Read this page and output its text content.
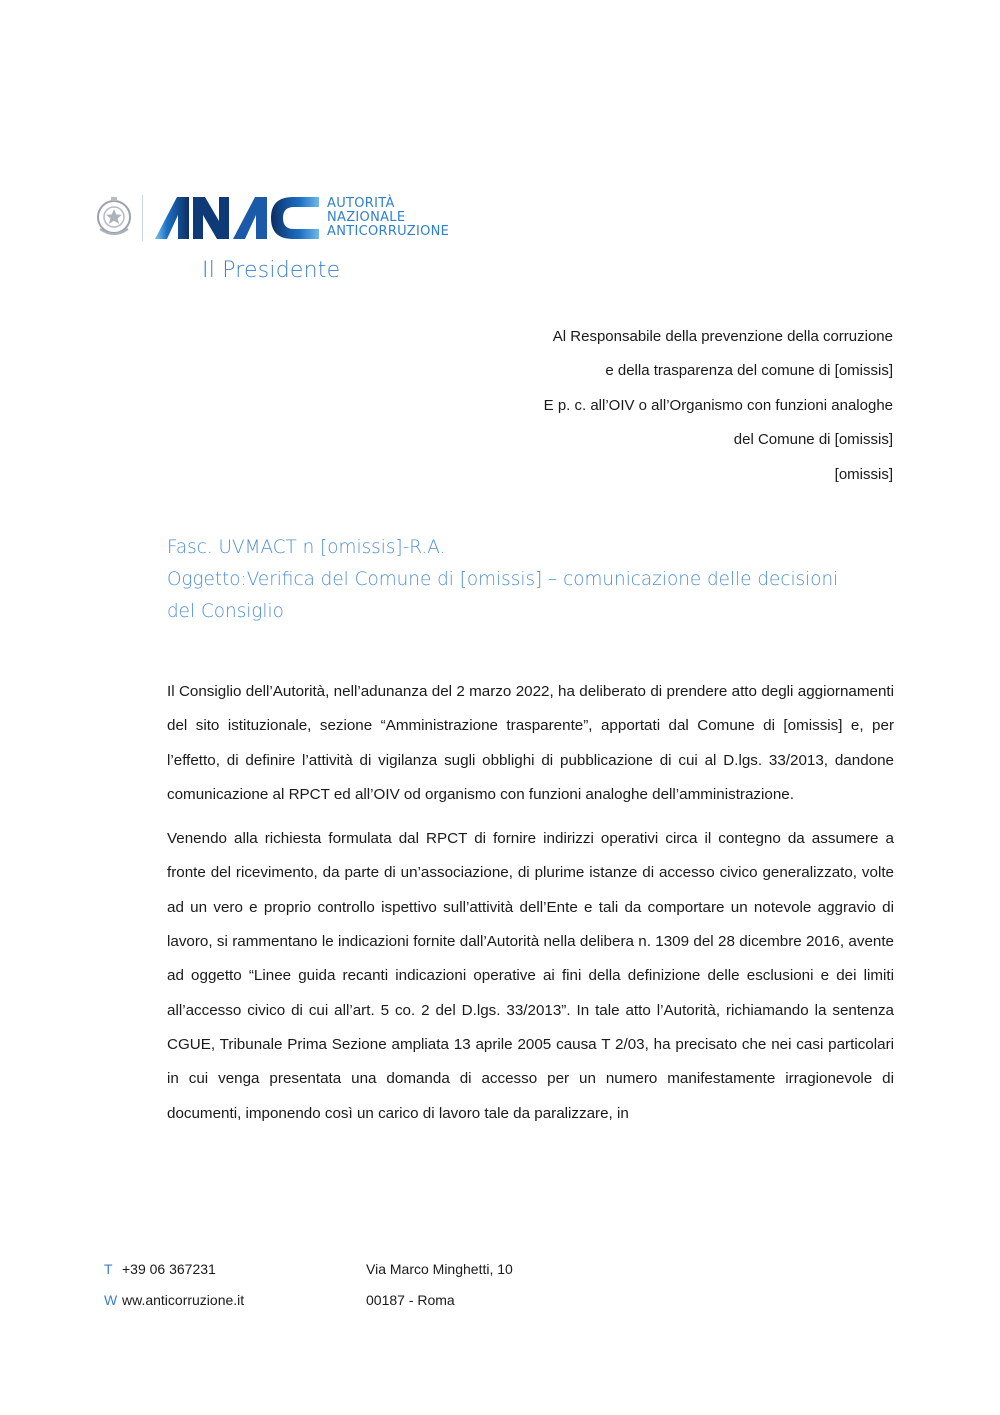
AUTORITÀ
NAZIONALE
ANTICORRUZIONE
Il Presidente
Al Responsabile della prevenzione della corruzione
e della trasparenza del comune di [omissis]
E p. c. all’OIV o all’Organismo con funzioni analoghe
del Comune di [omissis]
[omissis]
Fasc. UVMACT n [omissis]-R.A.
Oggetto:Verifica del Comune di [omissis] – comunicazione delle decisioni
del Consiglio

Il Consiglio dell’Autorità, nell’adunanza del 2 marzo 2022, ha deliberato di prendere atto degli aggiornamenti del sito istituzionale, sezione “Amministrazione trasparente”, apportati dal Comune di [omissis] e, per l’effetto, di definire l’attività di vigilanza sugli obblighi di pubblicazione di cui al D.lgs. 33/2013, dandone comunicazione al RPCT ed all’OIV od organismo con funzioni analoghe dell’amministrazione.

Venendo alla richiesta formulata dal RPCT di fornire indirizzi operativi circa il contegno da assumere a fronte del ricevimento, da parte di un’associazione, di plurime istanze di accesso civico generalizzato, volte ad un vero e proprio controllo ispettivo sull’attività dell’Ente e tali da comportare un notevole aggravio di lavoro, si rammentano le indicazioni fornite dall’Autorità nella delibera n. 1309 del 28 dicembre 2016, avente ad oggetto “Linee guida recanti indicazioni operative ai fini della definizione delle esclusioni e dei limiti all’accesso civico di cui all’art. 5 co. 2 del D.lgs. 33/2013”. In tale atto l’Autorità, richiamando la sentenza CGUE, Tribunale Prima Sezione ampliata 13 aprile 2005 causa T 2/03, ha precisato che nei casi particolari in cui venga presentata una domanda di accesso per un numero manifestamente irragionevole di documenti, imponendo così un carico di lavoro tale da paralizzare, in

T +39 06 367231
W ww.anticorruzione.it
Via Marco Minghetti, 10
00187 - Roma
